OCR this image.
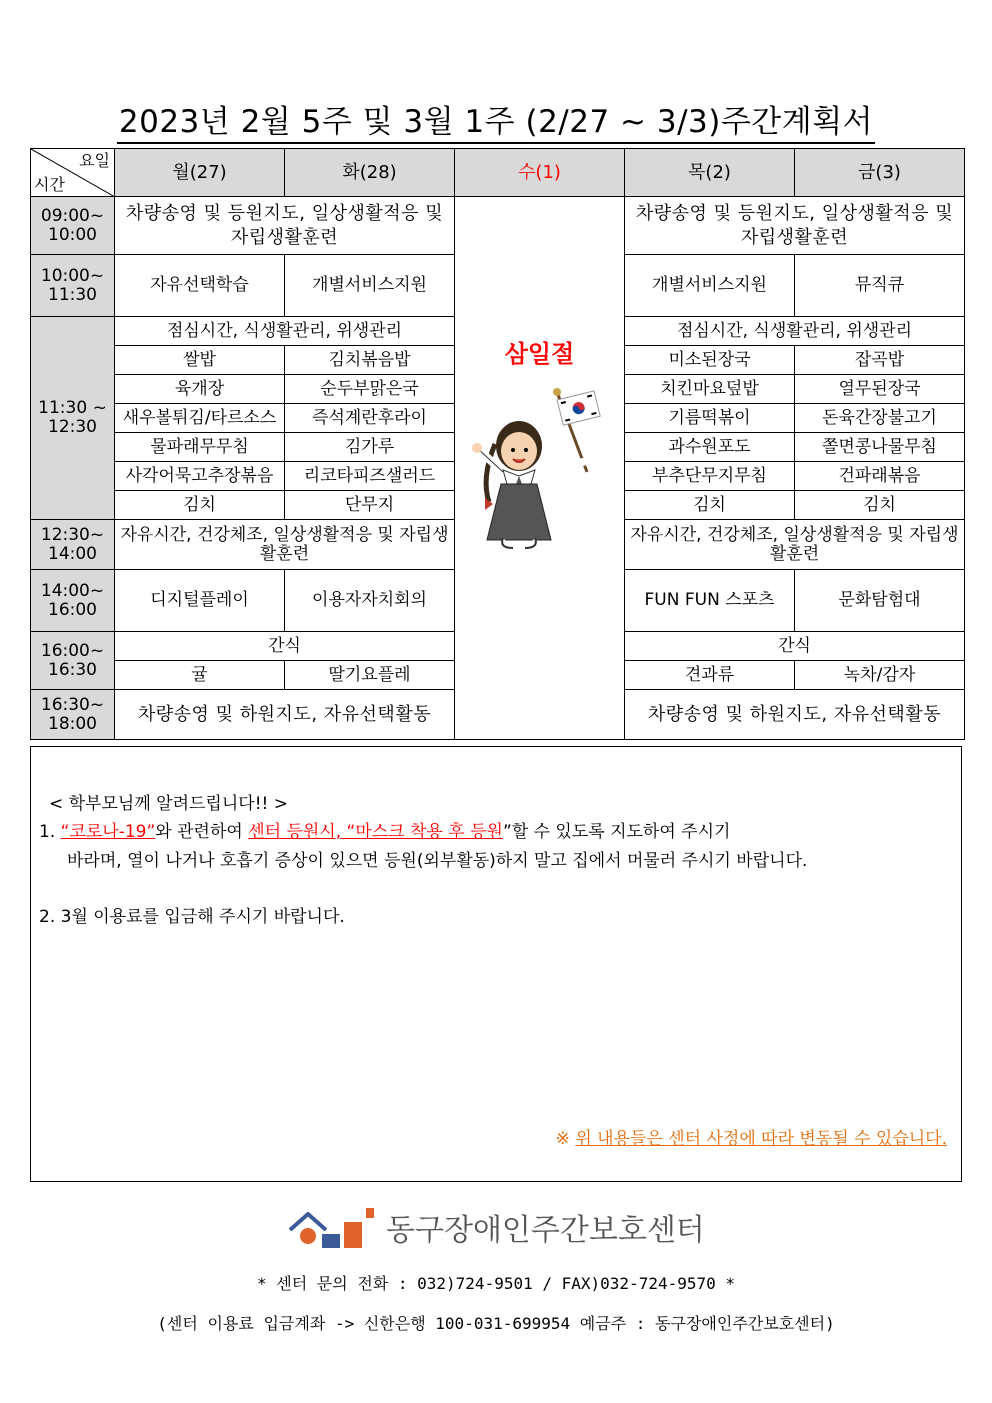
2023년 2월 5주 및 3월 1주 (2/27 ~ 3/3)주간계획서
요일
시간	월(27)	화(28)	수(1)	목(2)	금(3)
09:00~ 10:00	차량송영 및 등원지도, 일상생활적응 및 자립생활훈련		삼일절	차량송영 및 등원지도, 일상생활적응 및 자립생활훈련	
10:00~ 11:30	자유선택학습	개별서비스지원		개별서비스지원	뮤직큐
11:30 ~ 12:30	점심시간, 식생활관리, 위생관리			점심시간, 식생활관리, 위생관리	
	쌀밥	김치볶음밥		미소된장국	잡곡밥
	육개장	순두부맑은국		치킨마요덮밥	열무된장국
	새우볼튀김/타르소스	즉석계란후라이		기름떡볶이	돈육간장불고기
	물파래무무침	김가루		과수원포도	쫄면콩나물무침
	사각어묵고추장볶음	리코타피즈샐러드		부추단무지무침	건파래볶음
	김치	단무지		김치	김치
12:30~ 14:00	자유시간, 건강체조, 일상생활적응 및 자립생활훈련			자유시간, 건강체조, 일상생활적응 및 자립생활훈련	
14:00~ 16:00	디지털플레이	이용자자치회의		FUN FUN 스포츠	문화탐험대
16:00~ 16:30	간식			간식	
	귤	딸기요플레		견과류	녹차/감자
16:30~ 18:00	차량송영 및 하원지도, 자유선택활동			차량송영 및 하원지도, 자유선택활동	

< 학부모님께 알려드립니다!! >

1. “코로나-19”와 관련하여 센터 등원시, “마스크 착용 후 등원”할 수 있도록 지도하여 주시기

바라며, 열이 나거나 호흡기 증상이 있으면 등원(외부활동)하지 말고 집에서 머물러 주시기 바랍니다.

2. 3월 이용료를 입금해 주시기 바랍니다.

※ 위 내용들은 센터 사정에 따라 변동될 수 있습니다.

동구장애인주간보호센터
* 센터 문의 전화 : 032)724-9501 / FAX)032-724-9570 *
(센터 이용료 입금계좌 -> 신한은행 100-031-699954 예금주 : 동구장애인주간보호센터)
